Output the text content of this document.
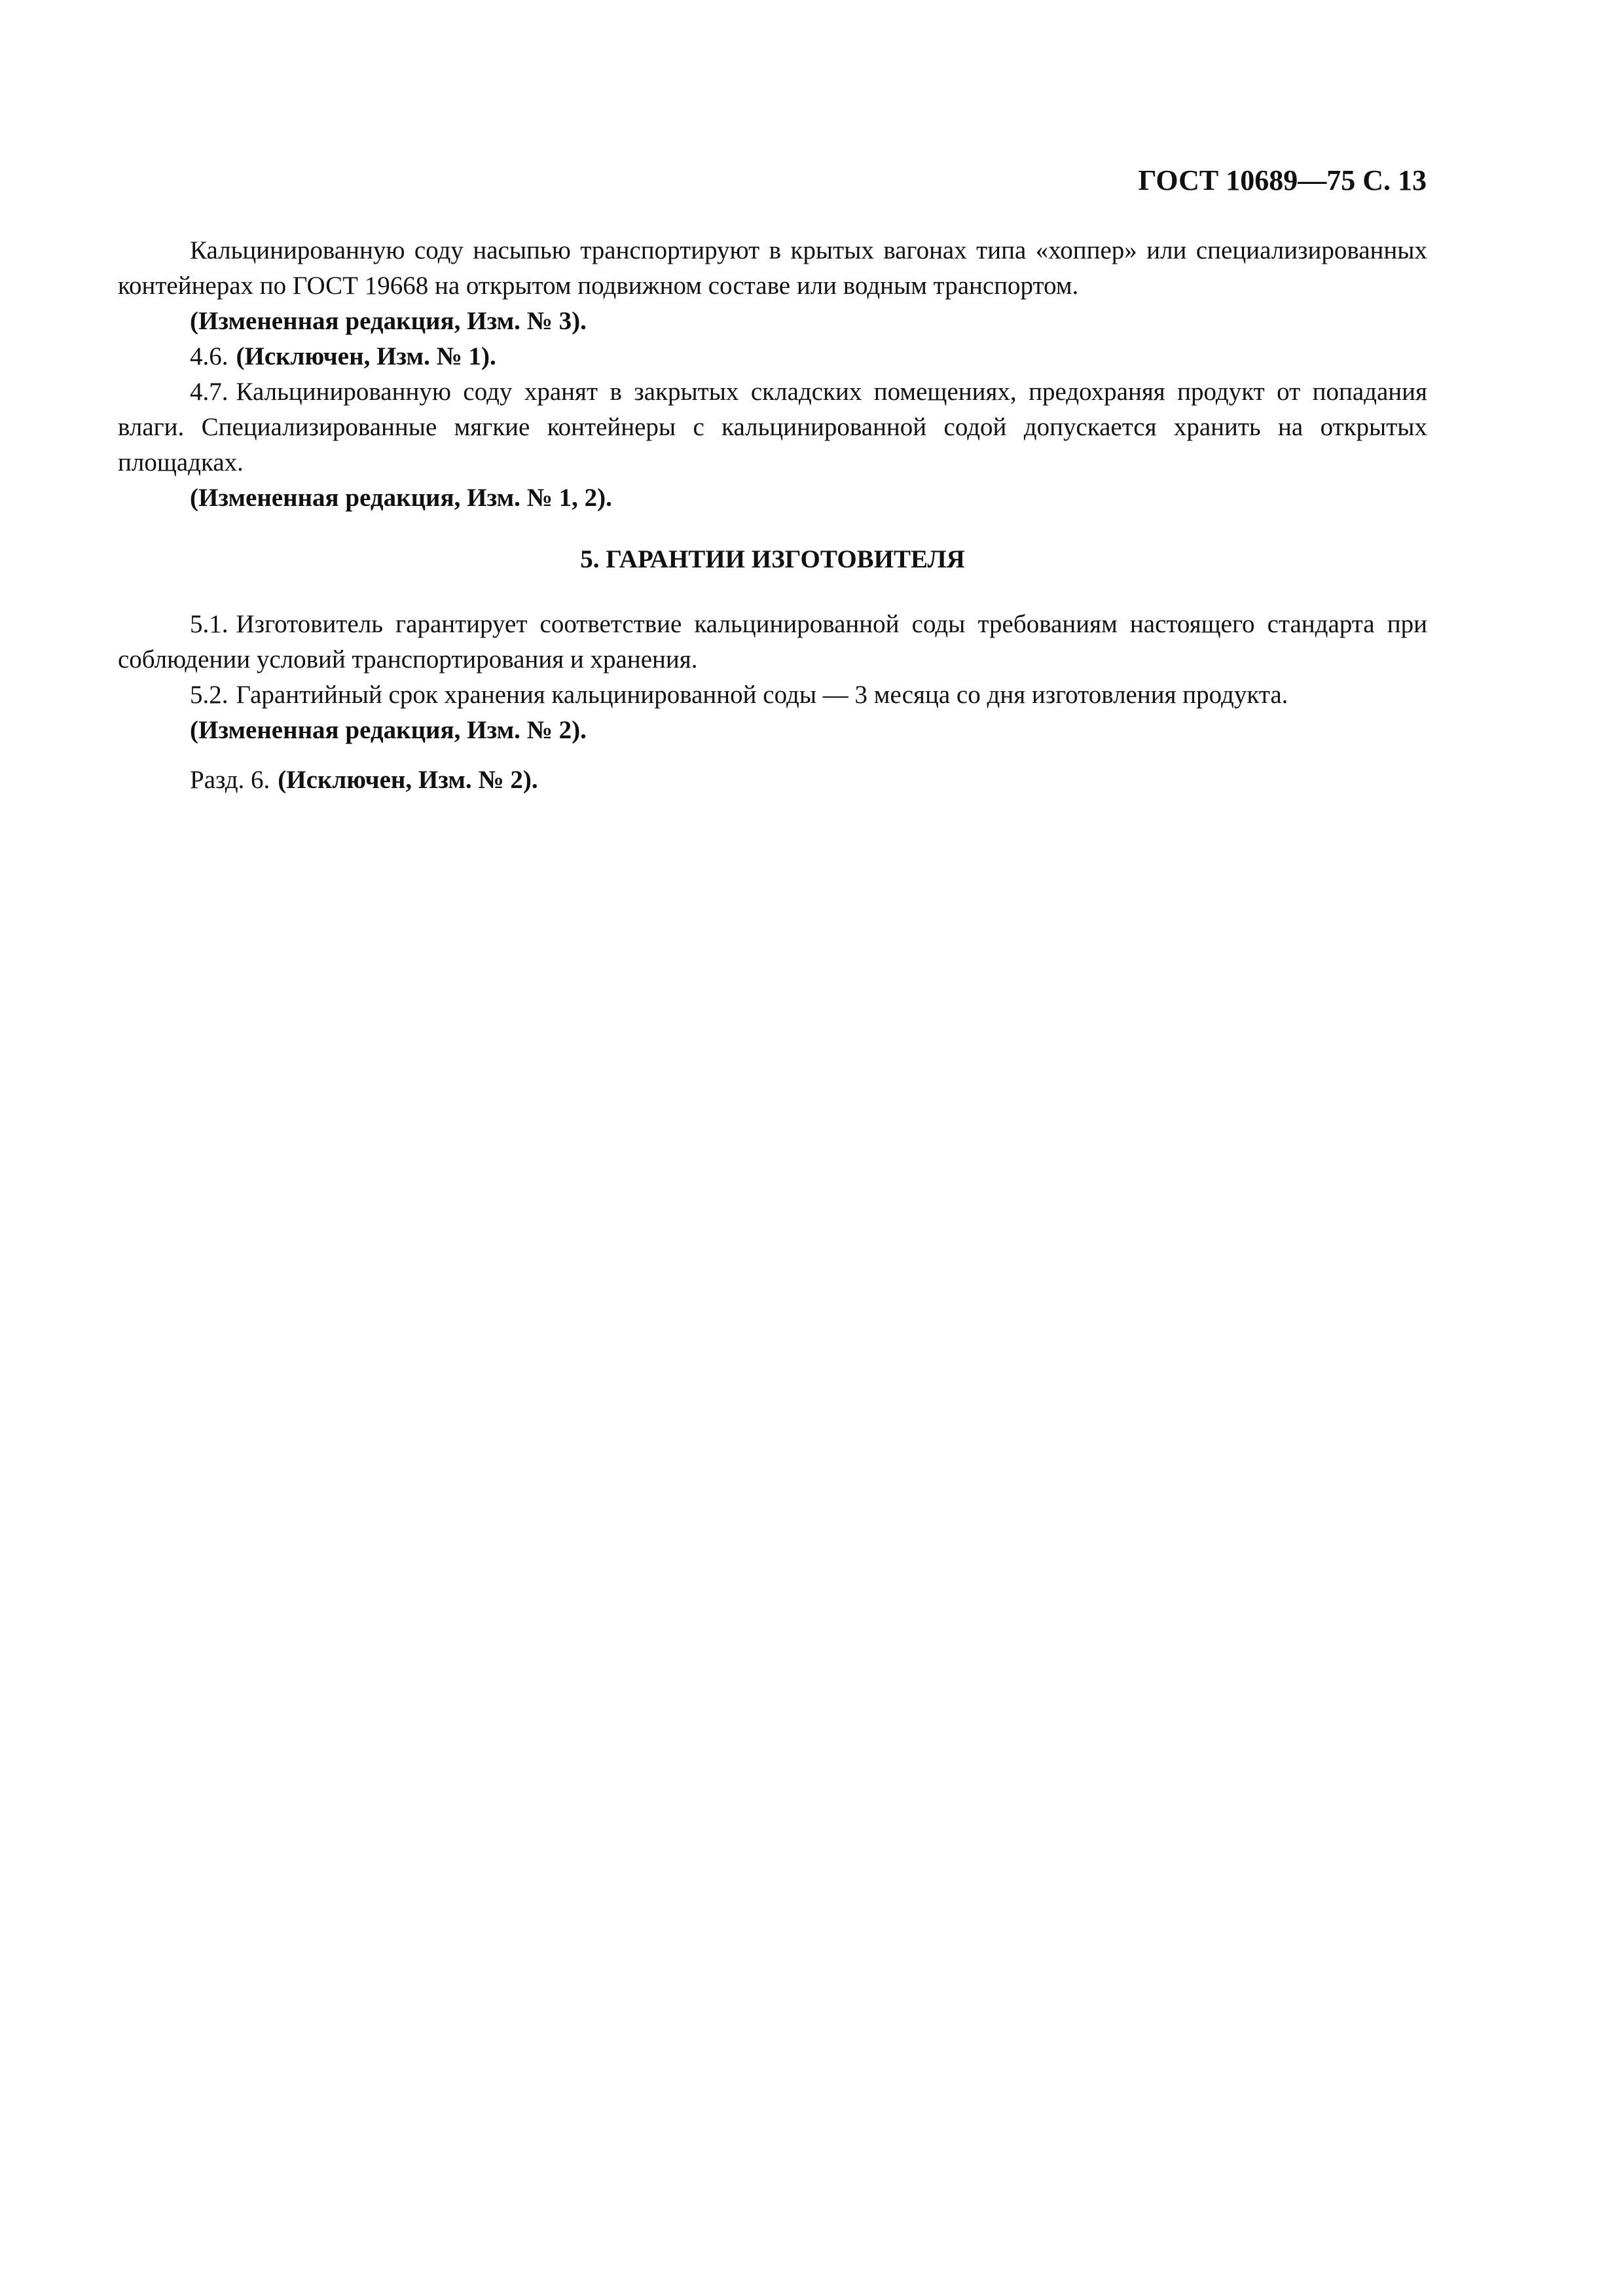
ГОСТ 10689—75 С. 13

Кальцинированную соду насыпью транспортируют в крытых вагонах типа «хоппер» или специализированных контейнерах по ГОСТ 19668 на открытом подвижном составе или водным транспортом.

(Измененная редакция, Изм. № 3).

4.6. (Исключен, Изм. № 1).

4.7. Кальцинированную соду хранят в закрытых складских помещениях, предохраняя продукт от попадания влаги. Специализированные мягкие контейнеры с кальцинированной содой допускается хранить на открытых площадках.

(Измененная редакция, Изм. № 1, 2).

5. ГАРАНТИИ ИЗГОТОВИТЕЛЯ

5.1. Изготовитель гарантирует соответствие кальцинированной соды требованиям настоящего стандарта при соблюдении условий транспортирования и хранения.

5.2. Гарантийный срок хранения кальцинированной соды — 3 месяца со дня изготовления продукта.

(Измененная редакция, Изм. № 2).

Разд. 6. (Исключен, Изм. № 2).
